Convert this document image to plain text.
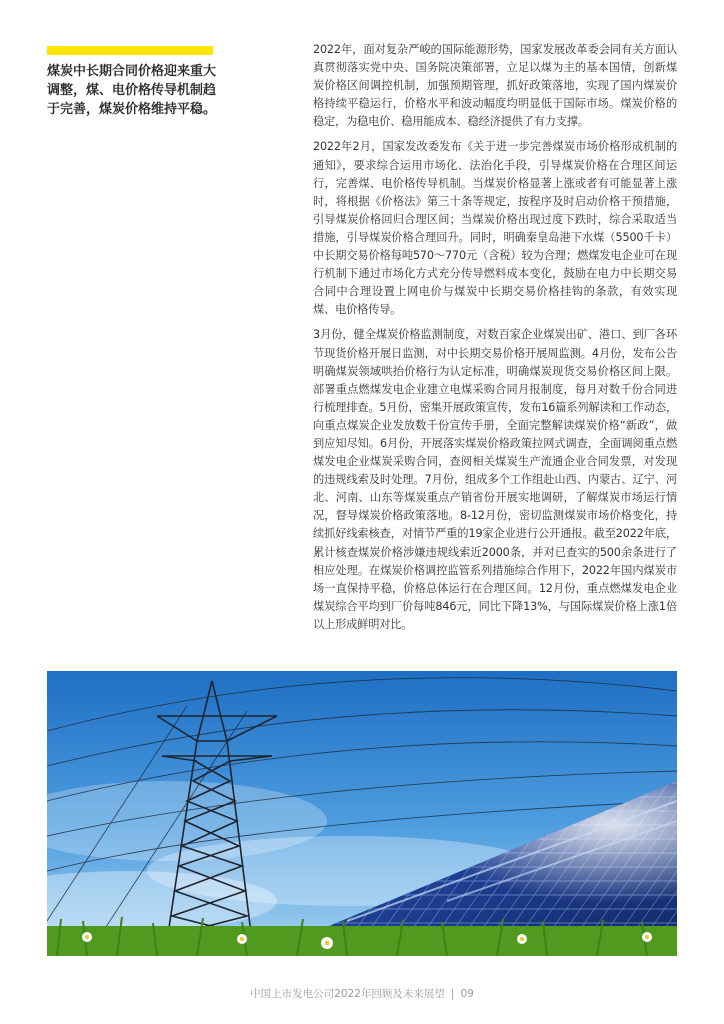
煤炭中长期合同价格迎来重大调整，煤、电价格传导机制趋于完善，煤炭价格维持平稳。

2022年，面对复杂严峻的国际能源形势，国家发展改革委会同有关方面认真贯彻落实党中央、国务院决策部署，立足以煤为主的基本国情，创新煤炭价格区间调控机制，加强预期管理，抓好政策落地，实现了国内煤炭价格持续平稳运行，价格水平和波动幅度均明显低于国际市场。煤炭价格的稳定，为稳电价、稳用能成本、稳经济提供了有力支撑。

2022年2月，国家发改委发布《关于进一步完善煤炭市场价格形成机制的通知》，要求综合运用市场化、法治化手段，引导煤炭价格在合理区间运行，完善煤、电价格传导机制。当煤炭价格显著上涨或者有可能显著上涨时，将根据《价格法》第三十条等规定，按程序及时启动价格干预措施，引导煤炭价格回归合理区间；当煤炭价格出现过度下跌时，综合采取适当措施，引导煤炭价格合理回升。同时，明确秦皇岛港下水煤（5500千卡）中长期交易价格每吨570～770元（含税）较为合理；燃煤发电企业可在现行机制下通过市场化方式充分传导燃料成本变化，鼓励在电力中长期交易合同中合理设置上网电价与煤炭中长期交易价格挂钩的条款，有效实现煤、电价格传导。

3月份，健全煤炭价格监测制度，对数百家企业煤炭出矿、港口、到厂各环节现货价格开展日监测，对中长期交易价格开展周监测。4月份，发布公告明确煤炭领域哄抬价格行为认定标准，明确煤炭现货交易价格区间上限。部署重点燃煤发电企业建立电煤采购合同月报制度，每月对数千份合同进行梳理排查。5月份，密集开展政策宣传，发布16篇系列解读和工作动态，向重点煤炭企业发放数千份宣传手册，全面完整解读煤炭价格“新政”，做到应知尽知。6月份，开展落实煤炭价格政策拉网式调查，全面调阅重点燃煤发电企业煤炭采购合同，查阅相关煤炭生产流通企业合同发票，对发现的违规线索及时处理。7月份，组成多个工作组赴山西、内蒙古、辽宁、河北、河南、山东等煤炭重点产销省份开展实地调研，了解煤炭市场运行情况，督导煤炭价格政策落地。8-12月份，密切监测煤炭市场价格变化，持续抓好线索核查，对情节严重的19家企业进行公开通报。截至2022年底，累计核查煤炭价格涉嫌违规线索近2000条，并对已查实的500余条进行了相应处理。在煤炭价格调控监管系列措施综合作用下，2022年国内煤炭市场一直保持平稳，价格总体运行在合理区间。12月份，重点燃煤发电企业煤炭综合平均到厂价每吨846元，同比下降13%，与国际煤炭价格上涨1倍以上形成鲜明对比。

中国上市发电公司2022年回顾及未来展望 | 09
